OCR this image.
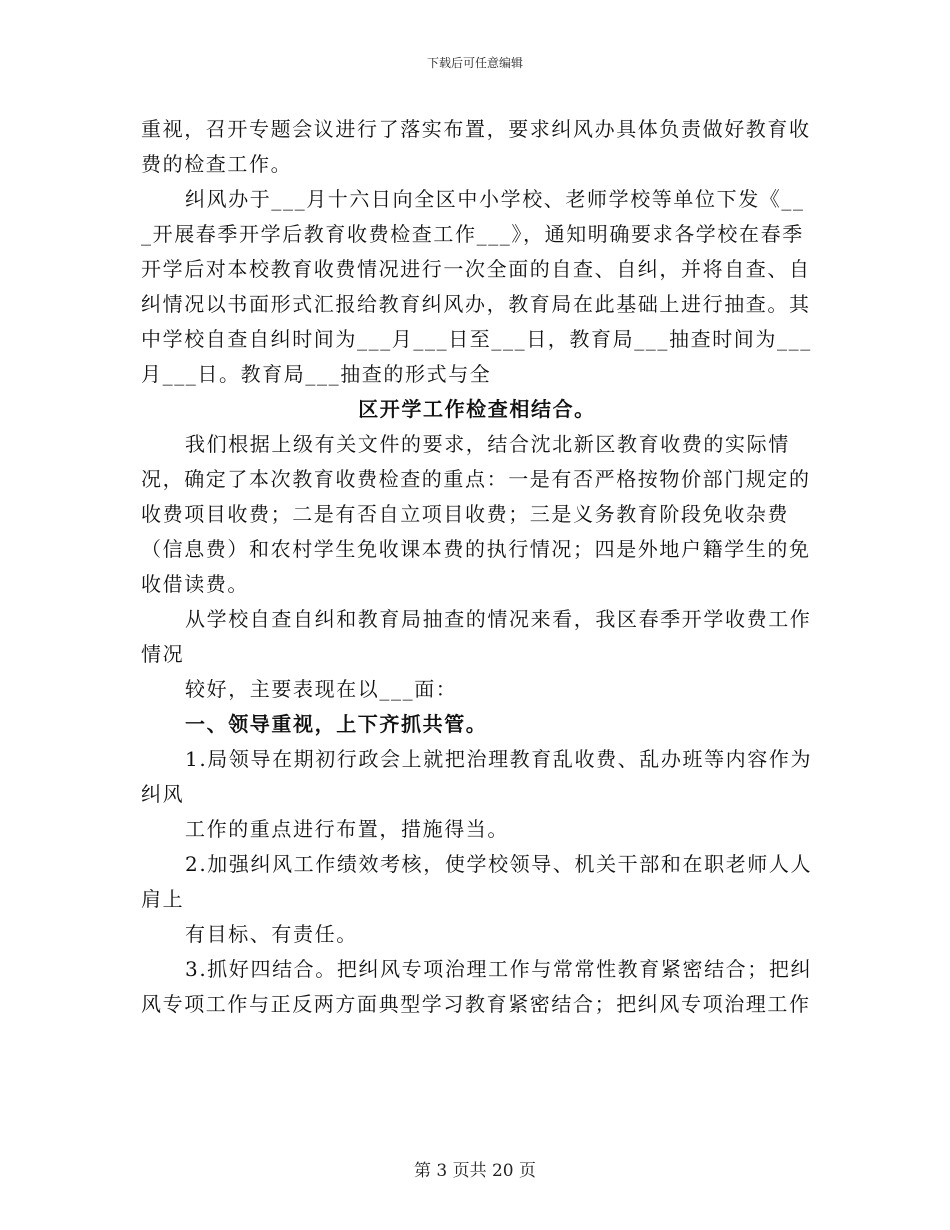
下载后可任意编辑

重视，召开专题会议进行了落实布置，要求纠风办具体负责做好教育收费的检查工作。

纠风办于___月十六日向全区中小学校、老师学校等单位下发《___开展春季开学后教育收费检查工作___》，通知明确要求各学校在春季开学后对本校教育收费情况进行一次全面的自查、自纠，并将自查、自纠情况以书面形式汇报给教育纠风办，教育局在此基础上进行抽查。其中学校自查自纠时间为___月___日至___日，教育局___抽查时间为___月___日。教育局___抽查的形式与全

区开学工作检查相结合。

我们根据上级有关文件的要求，结合沈北新区教育收费的实际情况，确定了本次教育收费检查的重点：一是有否严格按物价部门规定的收费项目收费；二是有否自立项目收费；三是义务教育阶段免收杂费（信息费）和农村学生免收课本费的执行情况；四是外地户籍学生的免收借读费。

从学校自查自纠和教育局抽查的情况来看，我区春季开学收费工作情况

较好，主要表现在以___面：

一、领导重视，上下齐抓共管。

1.局领导在期初行政会上就把治理教育乱收费、乱办班等内容作为纠风

工作的重点进行布置，措施得当。

2.加强纠风工作绩效考核，使学校领导、机关干部和在职老师人人肩上

有目标、有责任。

3.抓好四结合。把纠风专项治理工作与常常性教育紧密结合；把纠风专项工作与正反两方面典型学习教育紧密结合；把纠风专项治理工作

第 3 页共 20 页
